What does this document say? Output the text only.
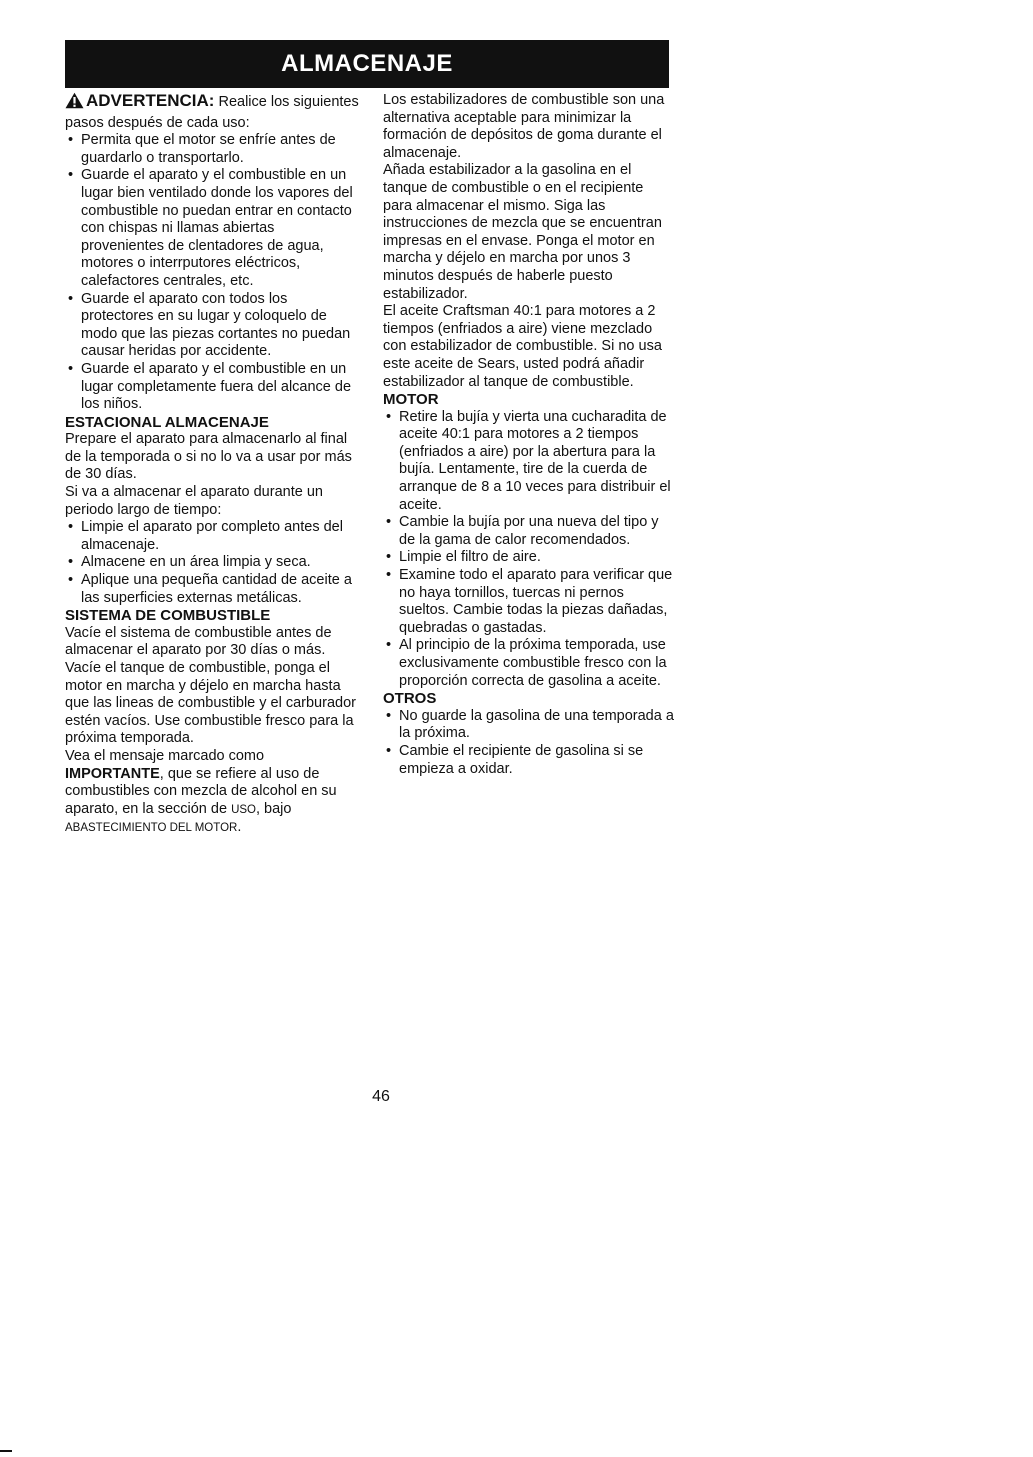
ALMACENAJE

ADVERTENCIA: Realice los siguientes pasos después de cada uso:

• Permita que el motor se enfríe antes de guardarlo o transportarlo.
• Guarde el aparato y el combustible en un lugar bien ventilado donde los vapores del combustible no puedan entrar en contacto con chispas ni llamas abiertas provenientes de clentadores de agua, motores o interrputores eléctricos, calefactores centrales, etc.
• Guarde el aparato con todos los protectores en su lugar y coloquelo de modo que las piezas cortantes no puedan causar heridas por accidente.
• Guarde el aparato y el combustible en un lugar completamente fuera del alcance de los niños.
ESTACIONAL ALMACENAJE

Prepare el aparato para almacenarlo al final de la temporada o si no lo va a usar por más de 30 días.

Si va a almacenar el aparato durante un periodo largo de tiempo:

• Limpie el aparato por completo antes del almacenaje.
• Almacene en un área limpia y seca.
• Aplique una pequeña cantidad de aceite a las superficies externas metálicas.
SISTEMA DE COMBUSTIBLE

Vacíe el sistema de combustible antes de almacenar el aparato por 30 días o más. Vacíe el tanque de combustible, ponga el motor en marcha y déjelo en marcha hasta que las lineas de combustible y el carburador estén vacíos. Use combustible fresco para la próxima temporada.

Vea el mensaje marcado como IMPORTANTE, que se refiere al uso de combustibles con mezcla de alcohol en su aparato, en la sección de USO, bajo ABASTECIMIENTO DEL MOTOR.

Los estabilizadores de combustible son una alternativa aceptable para minimizar la formación de depósitos de goma durante el almacenaje.

Añada estabilizador a la gasolina en el tanque de combustible o en el recipiente para almacenar el mismo. Siga las instrucciones de mezcla que se encuentran impresas en el envase. Ponga el motor en marcha y déjelo en marcha por unos 3 minutos después de haberle puesto estabilizador.

El aceite Craftsman 40:1 para motores a 2 tiempos (enfriados a aire) viene mezclado con estabilizador de combustible. Si no usa este aceite de Sears, usted podrá añadir estabilizador al tanque de combustible.

MOTOR
• Retire la bujía y vierta una cucharadita de aceite 40:1 para motores a 2 tiempos (enfriados a aire) por la abertura para la bujía. Lentamente, tire de la cuerda de arranque de 8 a 10 veces para distribuir el aceite.
• Cambie la bujía por una nueva del tipo y de la gama de calor recomendados.
• Limpie el filtro de aire.
• Examine todo el aparato para verificar que no haya tornillos, tuercas ni pernos sueltos. Cambie todas la piezas dañadas, quebradas o gastadas.
• Al principio de la próxima temporada, use exclusivamente combustible fresco con la proporción correcta de gasolina a aceite.
OTROS
• No guarde la gasolina de una temporada a la próxima.
• Cambie el recipiente de gasolina si se empieza a oxidar.
46
